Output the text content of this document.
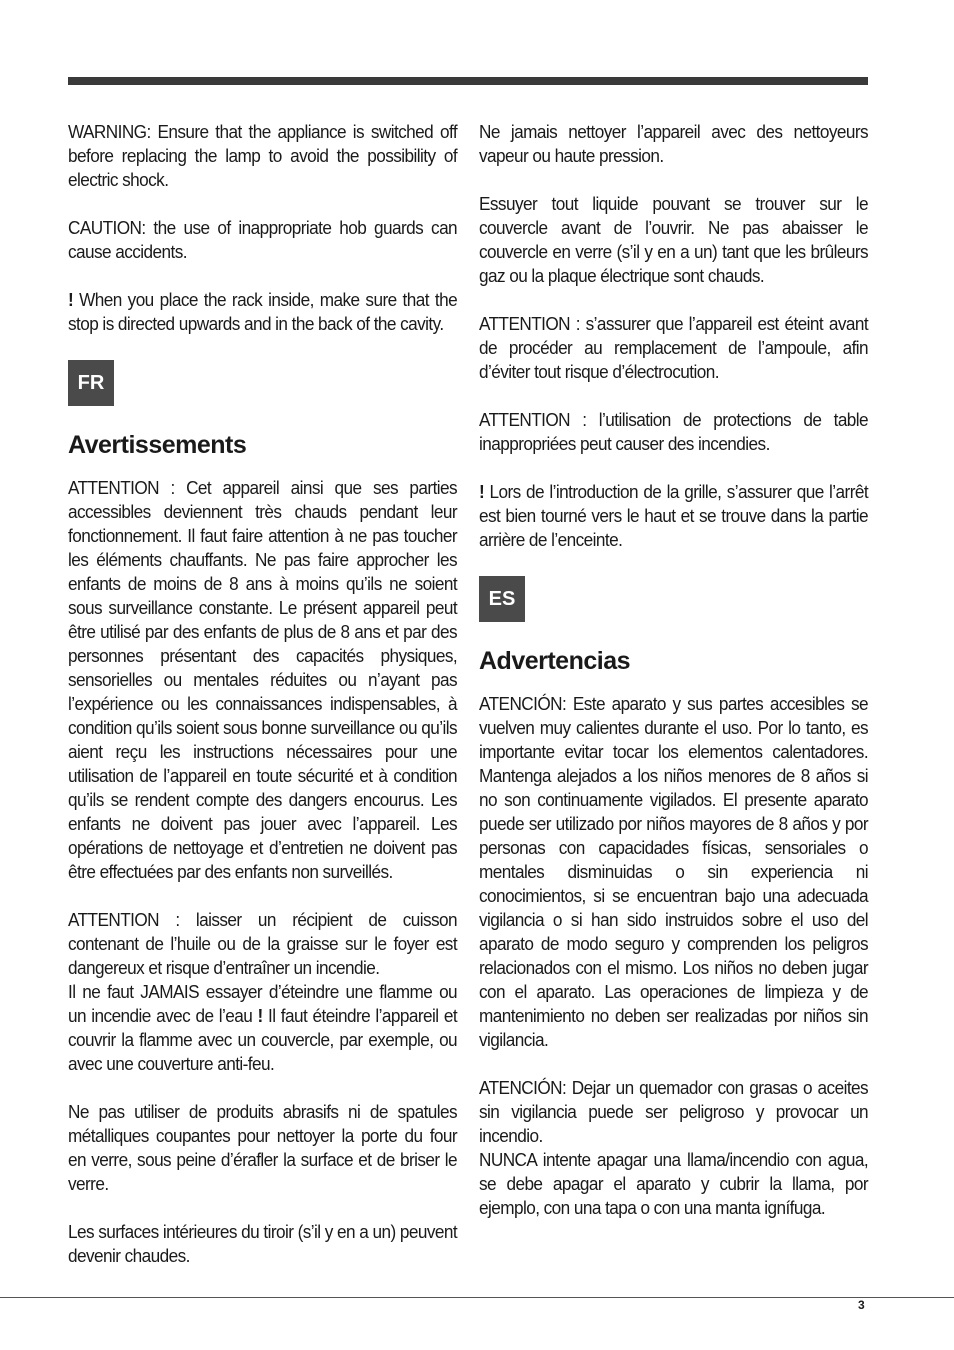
WARNING: Ensure that the appliance is switched off before replacing the lamp to avoid the possibility of electric shock.

CAUTION: the use of inappropriate hob guards can cause accidents.

! When you place the rack inside, make sure that the stop is directed upwards and in the back of the cavity.

FR
Avertissements

ATTENTION : Cet appareil ainsi que ses parties accessibles deviennent très chauds pendant leur fonctionnement. Il faut faire attention à ne pas toucher les éléments chauffants. Ne pas faire approcher les enfants de moins de 8 ans à moins qu’ils ne soient sous surveillance constante. Le présent appareil peut être utilisé par des enfants de plus de 8 ans et par des personnes présentant des capacités physiques, sensorielles ou mentales réduites ou n’ayant pas l’expérience ou les connaissances indispensables, à condition qu’ils soient sous bonne surveillance ou qu’ils aient reçu les instructions nécessaires pour une utilisation de l’appareil en toute sécurité et à condition qu’ils se rendent compte des dangers encourus. Les enfants ne doivent pas jouer avec l’appareil. Les opérations de nettoyage et d’entretien ne doivent pas être effectuées par des enfants non surveillés.

ATTENTION : laisser un récipient de cuisson contenant de l’huile ou de la graisse sur le foyer est dangereux et risque d’entraîner un incendie.

Il ne faut JAMAIS essayer d’éteindre une flamme ou un incendie avec de l’eau ! Il faut éteindre l’appareil et couvrir la flamme avec un couvercle, par exemple, ou avec une couverture anti-feu.

Ne pas utiliser de produits abrasifs ni de spatules métalliques coupantes pour nettoyer la porte du four en verre, sous peine d’érafler la surface et de briser le verre.

Les surfaces intérieures du tiroir (s’il y en a un) peuvent devenir chaudes.

Ne jamais nettoyer l’appareil avec des nettoyeurs vapeur ou haute pression.

Essuyer tout liquide pouvant se trouver sur le couvercle avant de l’ouvrir. Ne pas abaisser le couvercle en verre (s’il y en a un) tant que les brûleurs gaz ou la plaque électrique sont chauds.

ATTENTION : s’assurer que l’appareil est éteint avant de procéder au remplacement de l’ampoule, afin d’éviter tout risque d’électrocution.

ATTENTION : l’utilisation de protections de table inappropriées peut causer des incendies.

! Lors de l’introduction de la grille, s’assurer que l’arrêt est bien tourné vers le haut et se trouve dans la partie arrière de l’enceinte.

ES
Advertencias

ATENCIÓN: Este aparato y sus partes accesibles se vuelven muy calientes durante el uso. Por lo tanto, es importante evitar tocar los elementos calentadores. Mantenga alejados a los niños menores de 8 años si no son continuamente vigilados. El presente aparato puede ser utilizado por niños mayores de 8 años y por personas con capacidades físicas, sensoriales o mentales disminuidas o sin experiencia ni conocimientos, si se encuentran bajo una adecuada vigilancia o si han sido instruidos sobre el uso del aparato de modo seguro y comprenden los peligros relacionados con el mismo. Los niños no deben jugar con el aparato. Las operaciones de limpieza y de mantenimiento no deben ser realizadas por niños sin vigilancia.

ATENCIÓN: Dejar un quemador con grasas o aceites sin vigilancia puede ser peligroso y provocar un incendio.

NUNCA intente apagar una llama/incendio con agua, se debe apagar el aparato y cubrir la llama, por ejemplo, con una tapa o con una manta ignífuga.

3
